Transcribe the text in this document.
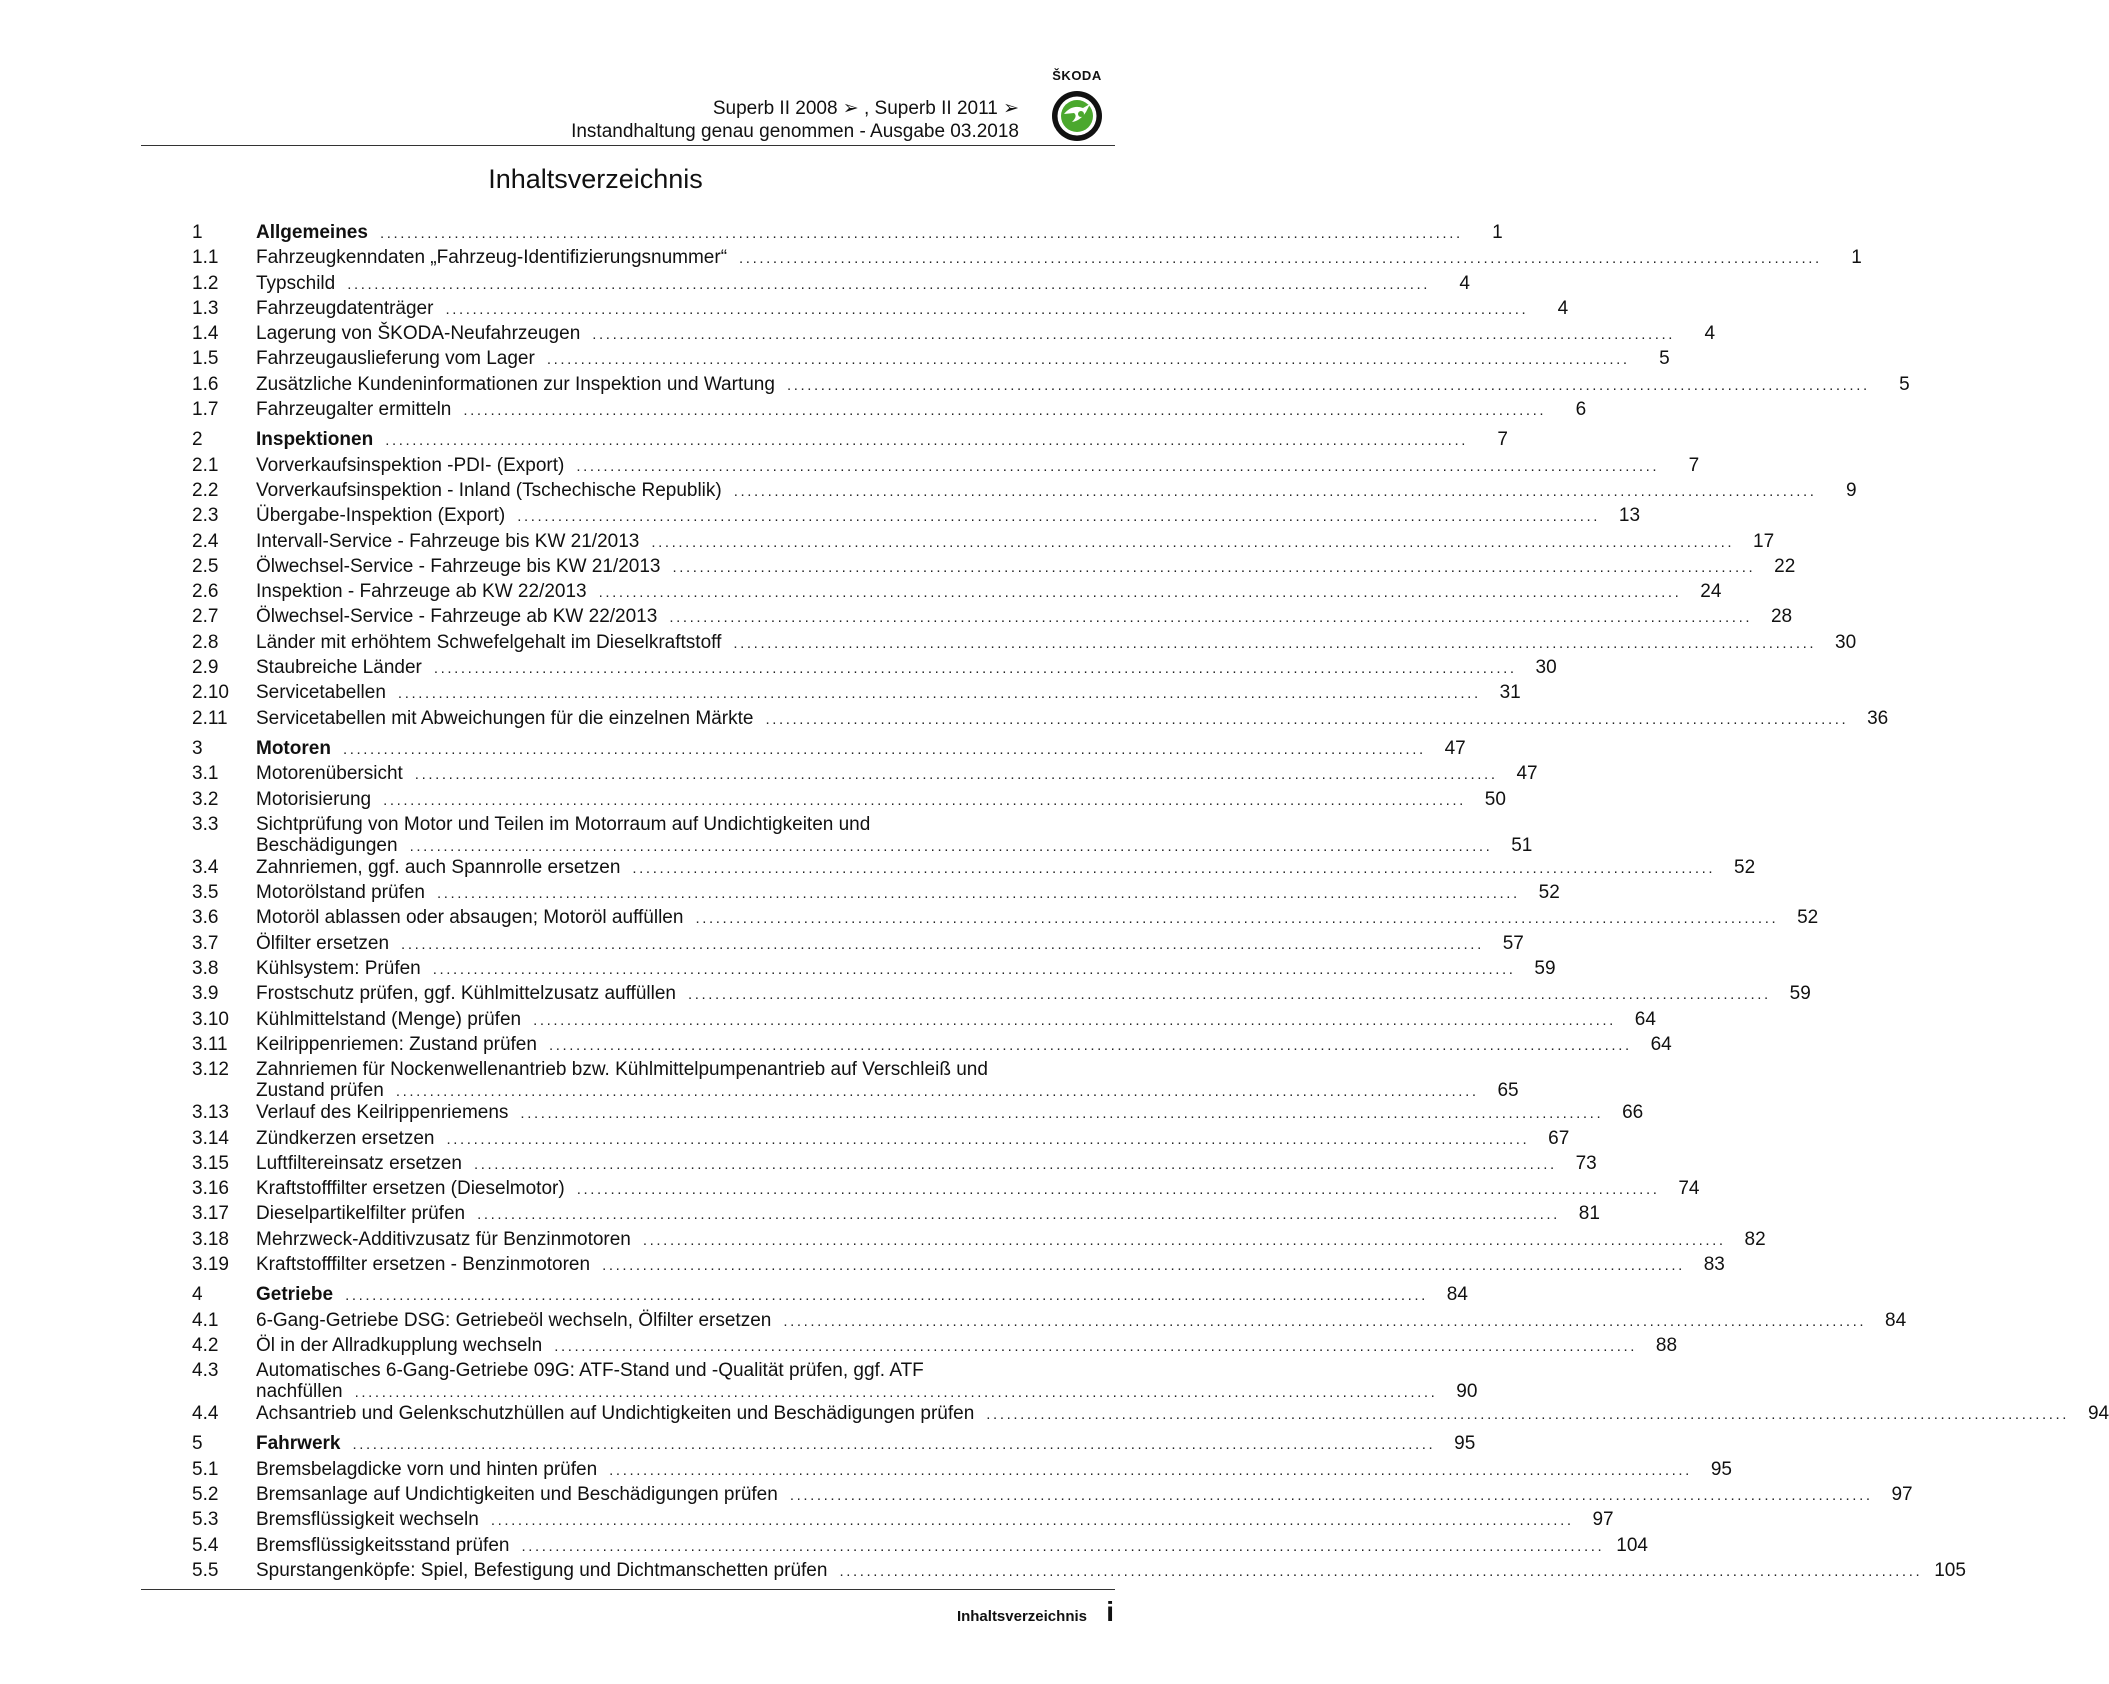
ŠKODA
Superb II 2008 ➢ , Superb II 2011 ➢
Instandhaltung genau genommen - Ausgabe 03.2018
Inhaltsverzeichnis
1	Allgemeines ................................................................................................................................................................	1
1.1	Fahrzeugkenndaten „Fahrzeug-Identifizierungsnummer“ ................................................................................................................................................................	1
1.2	Typschild ................................................................................................................................................................	4
1.3	Fahrzeugdatenträger ................................................................................................................................................................	4
1.4	Lagerung von ŠKODA-Neufahrzeugen ................................................................................................................................................................	4
1.5	Fahrzeugauslieferung vom Lager ................................................................................................................................................................	5
1.6	Zusätzliche Kundeninformationen zur Inspektion und Wartung ................................................................................................................................................................	5
1.7	Fahrzeugalter ermitteln ................................................................................................................................................................	6
2	Inspektionen ................................................................................................................................................................	7
2.1	Vorverkaufsinspektion -PDI- (Export) ................................................................................................................................................................	7
2.2	Vorverkaufsinspektion - Inland (Tschechische Republik) ................................................................................................................................................................	9
2.3	Übergabe-Inspektion (Export) ................................................................................................................................................................ 13
2.4	Intervall-Service - Fahrzeuge bis KW 21/2013 ................................................................................................................................................................ 17
2.5	Ölwechsel-Service - Fahrzeuge bis KW 21/2013 ................................................................................................................................................................ 22
2.6	Inspektion - Fahrzeuge ab KW 22/2013 ................................................................................................................................................................ 24
2.7	Ölwechsel-Service - Fahrzeuge ab KW 22/2013 ................................................................................................................................................................ 28
2.8	Länder mit erhöhtem Schwefelgehalt im Dieselkraftstoff ................................................................................................................................................................ 30
2.9	Staubreiche Länder ................................................................................................................................................................ 30
2.10	Servicetabellen ................................................................................................................................................................ 31
2.11	Servicetabellen mit Abweichungen für die einzelnen Märkte ................................................................................................................................................................ 36
3	Motoren ................................................................................................................................................................ 47
3.1	Motorenübersicht ................................................................................................................................................................ 47
3.2	Motorisierung ................................................................................................................................................................ 50
3.3	Sichtprüfung von Motor und Teilen im Motorraum auf Undichtigkeiten und
Beschädigungen ................................................................................................................................................................ 51
3.4	Zahnriemen, ggf. auch Spannrolle ersetzen ................................................................................................................................................................ 52
3.5	Motorölstand prüfen ................................................................................................................................................................ 52
3.6	Motoröl ablassen oder absaugen; Motoröl auffüllen ................................................................................................................................................................ 52
3.7	Ölfilter ersetzen ................................................................................................................................................................ 57
3.8	Kühlsystem: Prüfen ................................................................................................................................................................ 59
3.9	Frostschutz prüfen, ggf. Kühlmittelzusatz auffüllen ................................................................................................................................................................ 59
3.10	Kühlmittelstand (Menge) prüfen ................................................................................................................................................................ 64
3.11	Keilrippenriemen: Zustand prüfen ................................................................................................................................................................ 64
3.12	Zahnriemen für Nockenwellenantrieb bzw. Kühlmittelpumpenantrieb auf Verschleiß und
Zustand prüfen ................................................................................................................................................................ 65
3.13	Verlauf des Keilrippenriemens ................................................................................................................................................................ 66
3.14	Zündkerzen ersetzen ................................................................................................................................................................ 67
3.15	Luftfiltereinsatz ersetzen ................................................................................................................................................................ 73
3.16	Kraftstofffilter ersetzen (Dieselmotor) ................................................................................................................................................................ 74
3.17	Dieselpartikelfilter prüfen ................................................................................................................................................................ 81
3.18	Mehrzweck-Additivzusatz für Benzinmotoren ................................................................................................................................................................ 82
3.19	Kraftstofffilter ersetzen - Benzinmotoren ................................................................................................................................................................ 83
4	Getriebe ................................................................................................................................................................ 84
4.1	6-Gang-Getriebe DSG: Getriebeöl wechseln, Ölfilter ersetzen ................................................................................................................................................................ 84
4.2	Öl in der Allradkupplung wechseln ................................................................................................................................................................ 88
4.3	Automatisches 6-Gang-Getriebe 09G: ATF-Stand und -Qualität prüfen, ggf. ATF
nachfüllen ................................................................................................................................................................ 90
4.4	Achsantrieb und Gelenkschutzhüllen auf Undichtigkeiten und Beschädigungen prüfen ................................................................................................................................................................ 94
5	Fahrwerk ................................................................................................................................................................ 95
5.1	Bremsbelagdicke vorn und hinten prüfen ................................................................................................................................................................ 95
5.2	Bremsanlage auf Undichtigkeiten und Beschädigungen prüfen ................................................................................................................................................................ 97
5.3	Bremsflüssigkeit wechseln ................................................................................................................................................................ 97
5.4	Bremsflüssigkeitsstand prüfen ................................................................................................................................................................ 104
5.5	Spurstangenköpfe: Spiel, Befestigung und Dichtmanschetten prüfen ................................................................................................................................................................ 105
Inhaltsverzeichnis i
